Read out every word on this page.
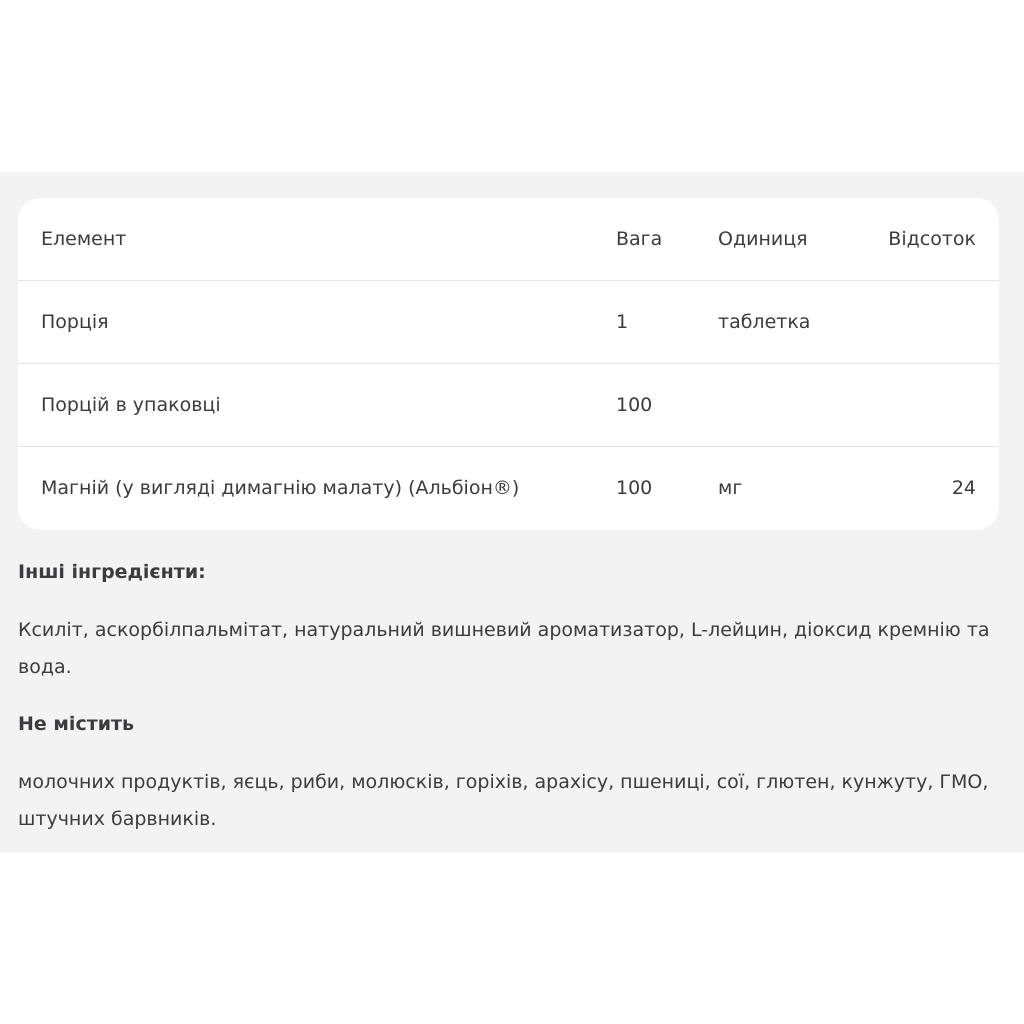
Елемент	Вага	Одиниця	Відсоток
Порція	1	таблетка
Порцій в упаковці	100
Магній (у вигляді димагнію малату) (Альбіон®)	100	мг	24
Інші інгредієнти:
Ксиліт, аскорбілпальмітат, натуральний вишневий ароматизатор, L-лейцин, діоксид кремнію та вода.
Не містить
молочних продуктів, яєць, риби, молюсків, горіхів, арахісу, пшениці, сої, глютен, кунжуту, ГМО, штучних барвників.
